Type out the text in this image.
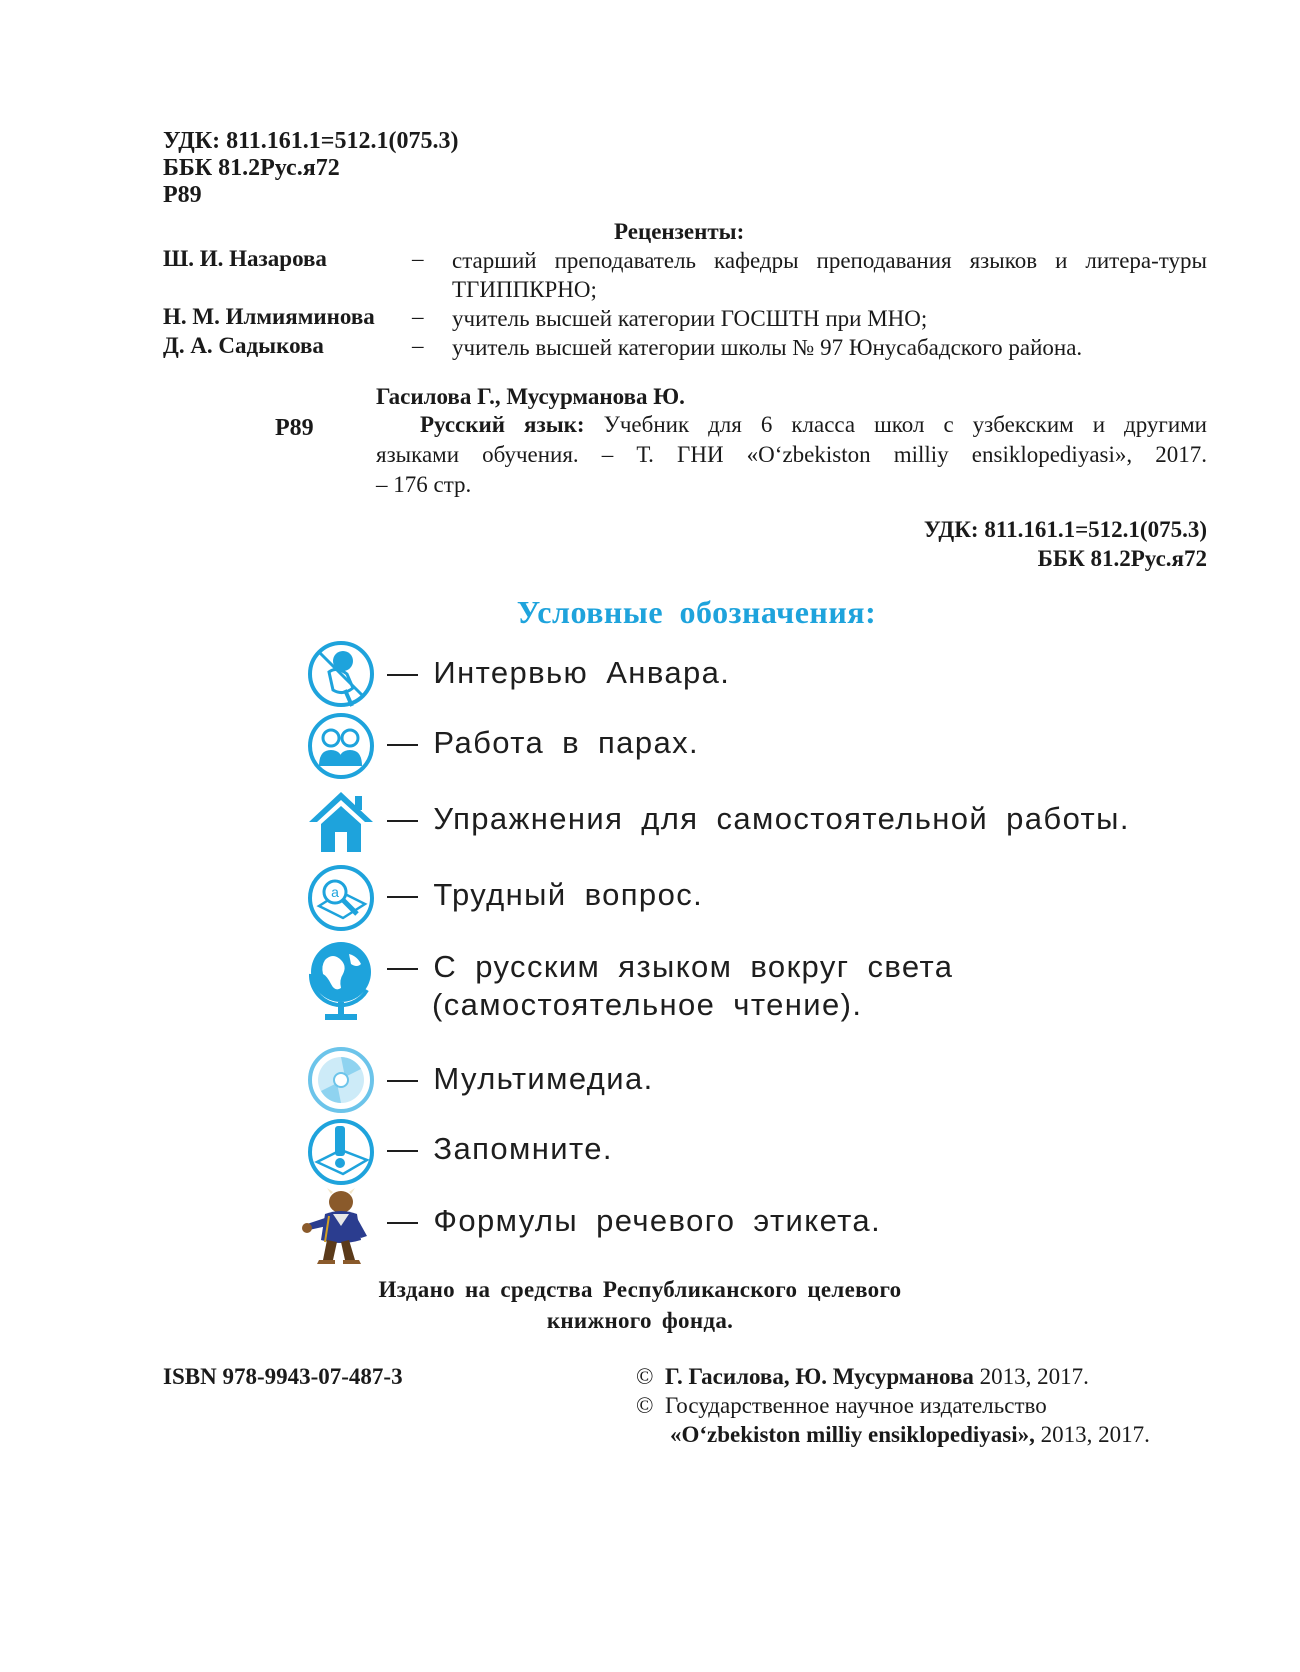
УДК: 811.161.1=512.1(075.3)
ББК 81.2Рус.я72
Р89
Рецензенты:
Ш. И. Назарова	– старший преподаватель кафедры преподавания языков и литера-туры ТГИППКРНО;
Н. М. Илмияминова – учитель высшей категории ГОСШТН при МНО;
Д. А. Садыкова	– учитель высшей категории школы № 97 Юнусабадского района.
Гасилова Г., Мусурманова Ю.
Р89	Русский язык: Учебник для 6 класса школ с узбекским и другими
языками обучения. – Т. ГНИ «O‘zbekiston milliy ensiklopediyasi», 2017.
– 176 стр.
УДК: 811.161.1=512.1(075.3)
ББК 81.2Рус.я72
Условные обозначения:
— Интервью Анвара.
— Работа в парах.
— Упражнения для самостоятельной работы.
a — Трудный вопрос.
— С русским языком вокруг света
(самостоятельное чтение).
— Мультимедиа.
— Запомните.
— Формулы речевого этикета.
Издано на средства Республиканского целевого
книжного фонда.
ISBN 978-9943-07-487-3	© Г. Гасилова, Ю. Мусурманова 2013, 2017.
© Государственное научное издательство
«O‘zbekiston milliy ensiklopediyasi», 2013, 2017.
